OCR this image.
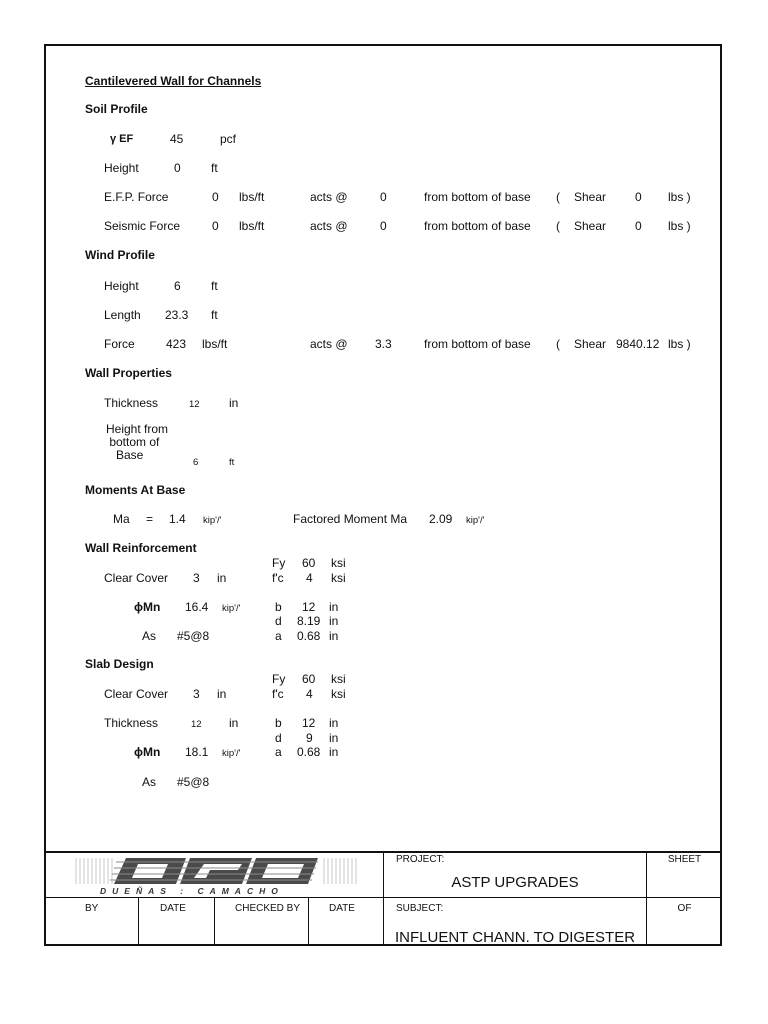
Cantilevered Wall for Channels
Soil Profile
γ EF	45	pcf
Height	0	ft
E.F.P. Force	0 lbs/ft	acts @	0	from bottom of base ( Shear 0 lbs )
Seismic Force	0 lbs/ft	acts @	0	from bottom of base ( Shear 0 lbs )
Wind Profile
Height	6	ft
Length 23.3 ft
Force	423 lbs/ft	acts @ 3.3	from bottom of base ( Shear 9840.12 lbs )
Wall Properties
Thickness	12 in
Height from
bottom of
Base
6	ft
Moments At Base
Ma = 1.4 kip'/'	Factored Moment Ma 2.09 kip'/'
Wall Reinforcement
Fy 60 ksi
Clear Cover 3 in	f'c 4 ksi
ϕMn 16.4 kip'/'	b 12 in
d 8.19 in
As #5@8	a 0.68 in
Slab Design
Fy 60 ksi
Clear Cover 3 in	f'c 4 ksi
Thickness	12 in	b 12 in
d 9 in
ϕMn 18.1 kip'/'	a 0.68 in
As #5@8
DUEÑAS : CAMACHO
PROJECT:
ASTP UPGRADES
SHEET
BY	DATE	CHECKED BY	DATE	SUBJECT:
INFLUENT CHANN. TO DIGESTER
OF
